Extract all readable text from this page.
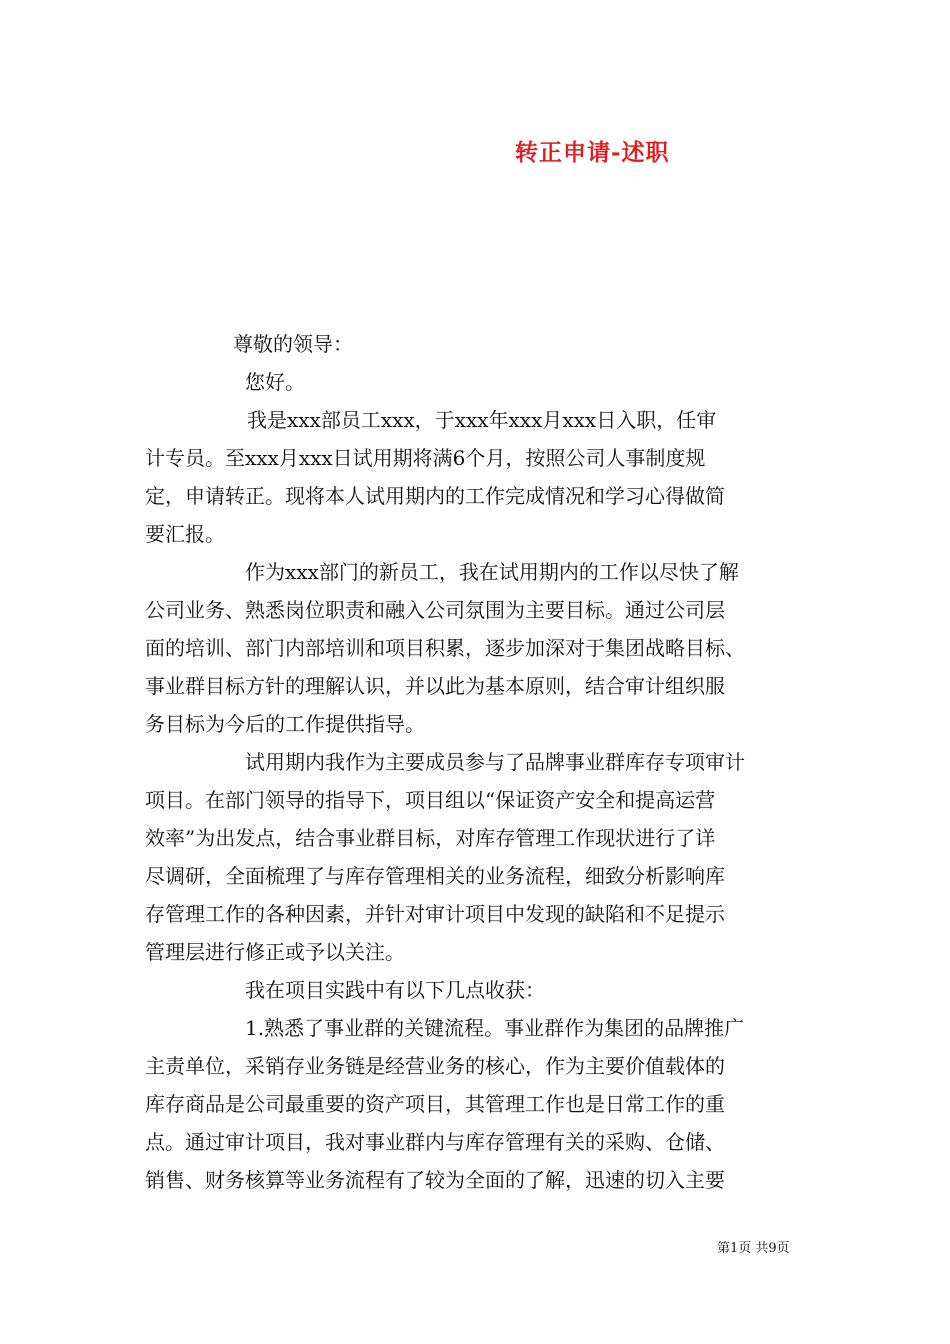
转正申请-述职
尊敬的领导：
您好。
我是xxx部员工xxx，于xxx年xxx月xxx日入职，任审
计专员。至xxx月xxx日试用期将满6个月，按照公司人事制度规
定，申请转正。现将本人试用期内的工作完成情况和学习心得做简
要汇报。
作为xxx部门的新员工，我在试用期内的工作以尽快了解
公司业务、熟悉岗位职责和融入公司氛围为主要目标。通过公司层
面的培训、部门内部培训和项目积累，逐步加深对于集团战略目标、
事业群目标方针的理解认识，并以此为基本原则，结合审计组织服
务目标为今后的工作提供指导。
试用期内我作为主要成员参与了品牌事业群库存专项审计
项目。在部门领导的指导下，项目组以“保证资产安全和提高运营
效率”为出发点，结合事业群目标，对库存管理工作现状进行了详
尽调研，全面梳理了与库存管理相关的业务流程，细致分析影响库
存管理工作的各种因素，并针对审计项目中发现的缺陷和不足提示
管理层进行修正或予以关注。
我在项目实践中有以下几点收获：
1.熟悉了事业群的关键流程。事业群作为集团的品牌推广
主责单位，采销存业务链是经营业务的核心，作为主要价值载体的
库存商品是公司最重要的资产项目，其管理工作也是日常工作的重
点。通过审计项目，我对事业群内与库存管理有关的采购、仓储、
销售、财务核算等业务流程有了较为全面的了解，迅速的切入主要
第1页 共9页
